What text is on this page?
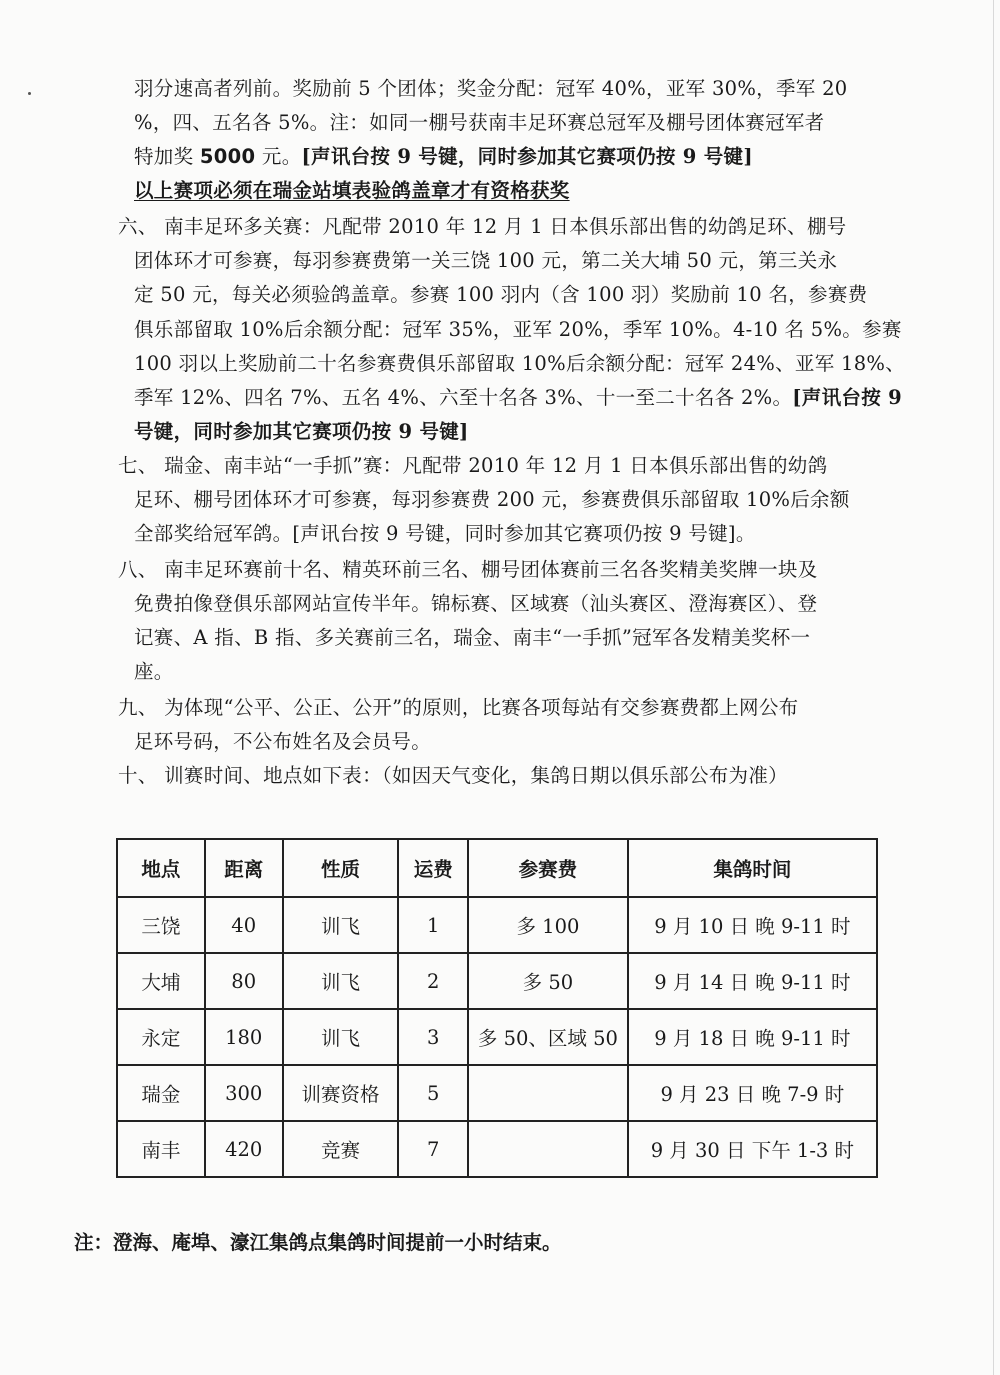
羽分速高者列前。奖励前 5 个团体；奖金分配：冠军 40%，亚军 30%，季军 20
%，四、五名各 5%。注：如同一棚号获南丰足环赛总冠军及棚号团体赛冠军者
特加奖 5000 元。[声讯台按 9 号键，同时参加其它赛项仍按 9 号键]
以上赛项必须在瑞金站填表验鸽盖章才有资格获奖
六、 南丰足环多关赛：凡配带 2010 年 12 月 1 日本俱乐部出售的幼鸽足环、棚号
团体环才可参赛，每羽参赛费第一关三饶 100 元，第二关大埔 50 元，第三关永
定 50 元，每关必须验鸽盖章。参赛 100 羽内（含 100 羽）奖励前 10 名，参赛费
俱乐部留取 10%后余额分配：冠军 35%，亚军 20%，季军 10%。4-10 名 5%。参赛
100 羽以上奖励前二十名参赛费俱乐部留取 10%后余额分配：冠军 24%、亚军 18%、
季军 12%、四名 7%、五名 4%、六至十名各 3%、十一至二十名各 2%。[声讯台按 9
号键，同时参加其它赛项仍按 9 号键]
七、 瑞金、南丰站“一手抓”赛：凡配带 2010 年 12 月 1 日本俱乐部出售的幼鸽
足环、棚号团体环才可参赛，每羽参赛费 200 元，参赛费俱乐部留取 10%后余额
全部奖给冠军鸽。[声讯台按 9 号键，同时参加其它赛项仍按 9 号键]。
八、 南丰足环赛前十名、精英环前三名、棚号团体赛前三名各奖精美奖牌一块及
免费拍像登俱乐部网站宣传半年。锦标赛、区域赛（汕头赛区、澄海赛区）、登
记赛、A 指、B 指、多关赛前三名，瑞金、南丰“一手抓”冠军各发精美奖杯一
座。
九、 为体现“公平、公正、公开”的原则，比赛各项每站有交参赛费都上网公布
足环号码，不公布姓名及会员号。
十、 训赛时间、地点如下表：（如因天气变化，集鸽日期以俱乐部公布为准）
地点	距离	性质	运费	参赛费	集鸽时间
三饶	40	训飞	1	多 100	9 月 10 日 晚 9-11 时
大埔	80	训飞	2	多 50	9 月 14 日 晚 9-11 时
永定	180	训飞	3	多 50、区域 50	9 月 18 日 晚 9-11 时
瑞金	300	训赛资格	5		9 月 23 日 晚 7-9 时
南丰	420	竞赛	7		9 月 30 日 下午 1-3 时
注：澄海、庵埠、濠江集鸽点集鸽时间提前一小时结束。
